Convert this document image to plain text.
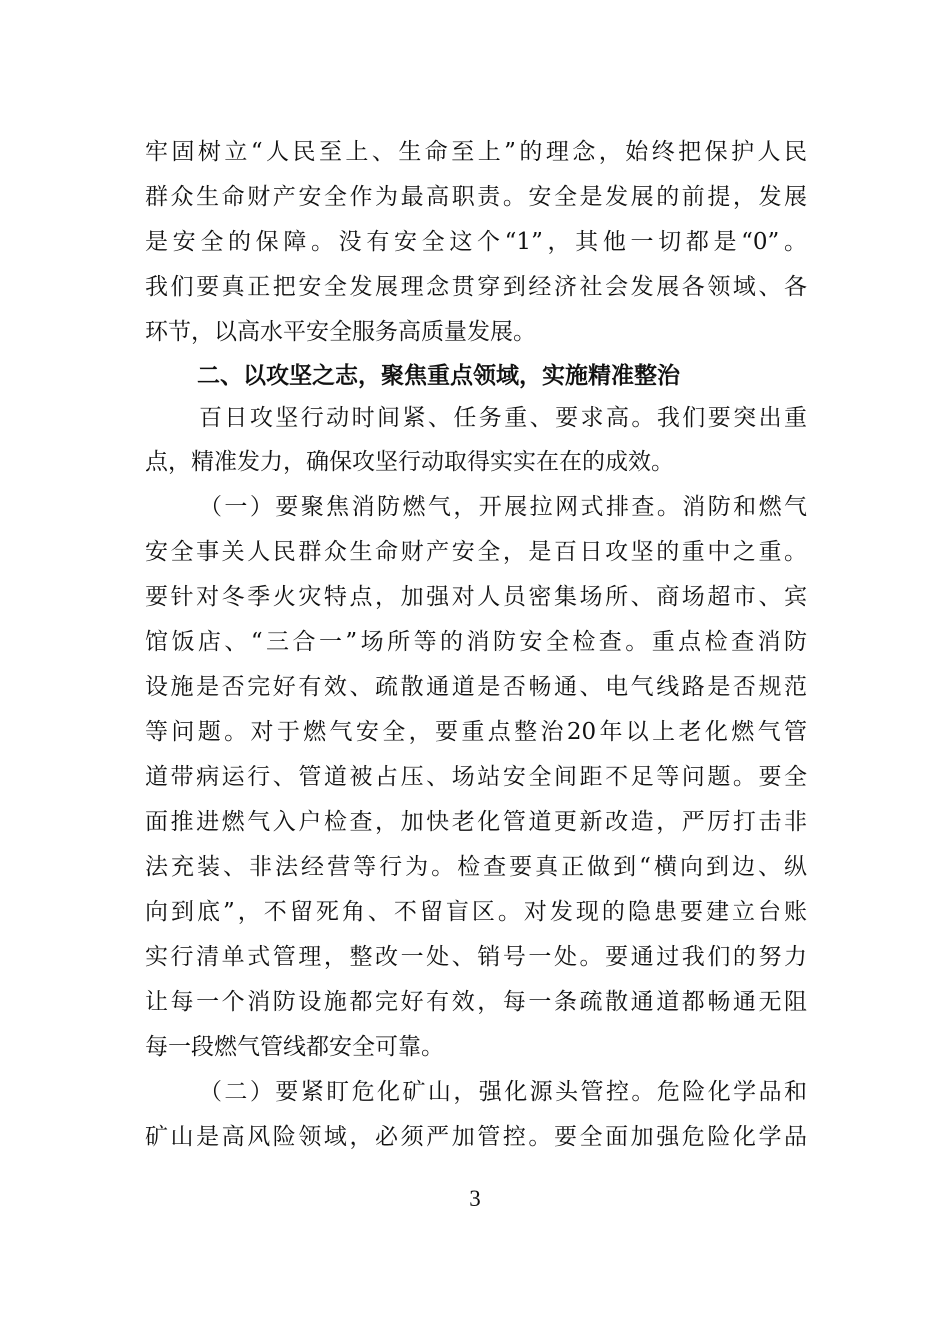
牢固树立“人民至上、生命至上”的理念，始终把保护人民
群众生命财产安全作为最高职责。安全是发展的前提，发展
是安全的保障。没有安全这个“1”，其他一切都是“0”。
我们要真正把安全发展理念贯穿到经济社会发展各领域、各
环节，以高水平安全服务高质量发展。
二、以攻坚之志，聚焦重点领域，实施精准整治
百日攻坚行动时间紧、任务重、要求高。我们要突出重
点，精准发力，确保攻坚行动取得实实在在的成效。
（一）要聚焦消防燃气，开展拉网式排查。消防和燃气
安全事关人民群众生命财产安全，是百日攻坚的重中之重。
要针对冬季火灾特点，加强对人员密集场所、商场超市、宾
馆饭店、“三合一”场所等的消防安全检查。重点检查消防
设施是否完好有效、疏散通道是否畅通、电气线路是否规范
等问题。对于燃气安全，要重点整治20年以上老化燃气管
道带病运行、管道被占压、场站安全间距不足等问题。要全
面推进燃气入户检查，加快老化管道更新改造，严厉打击非
法充装、非法经营等行为。检查要真正做到“横向到边、纵
向到底”，不留死角、不留盲区。对发现的隐患要建立台账
实行清单式管理，整改一处、销号一处。要通过我们的努力
让每一个消防设施都完好有效，每一条疏散通道都畅通无阻
每一段燃气管线都安全可靠。
（二）要紧盯危化矿山，强化源头管控。危险化学品和
矿山是高风险领域，必须严加管控。要全面加强危险化学品
3
